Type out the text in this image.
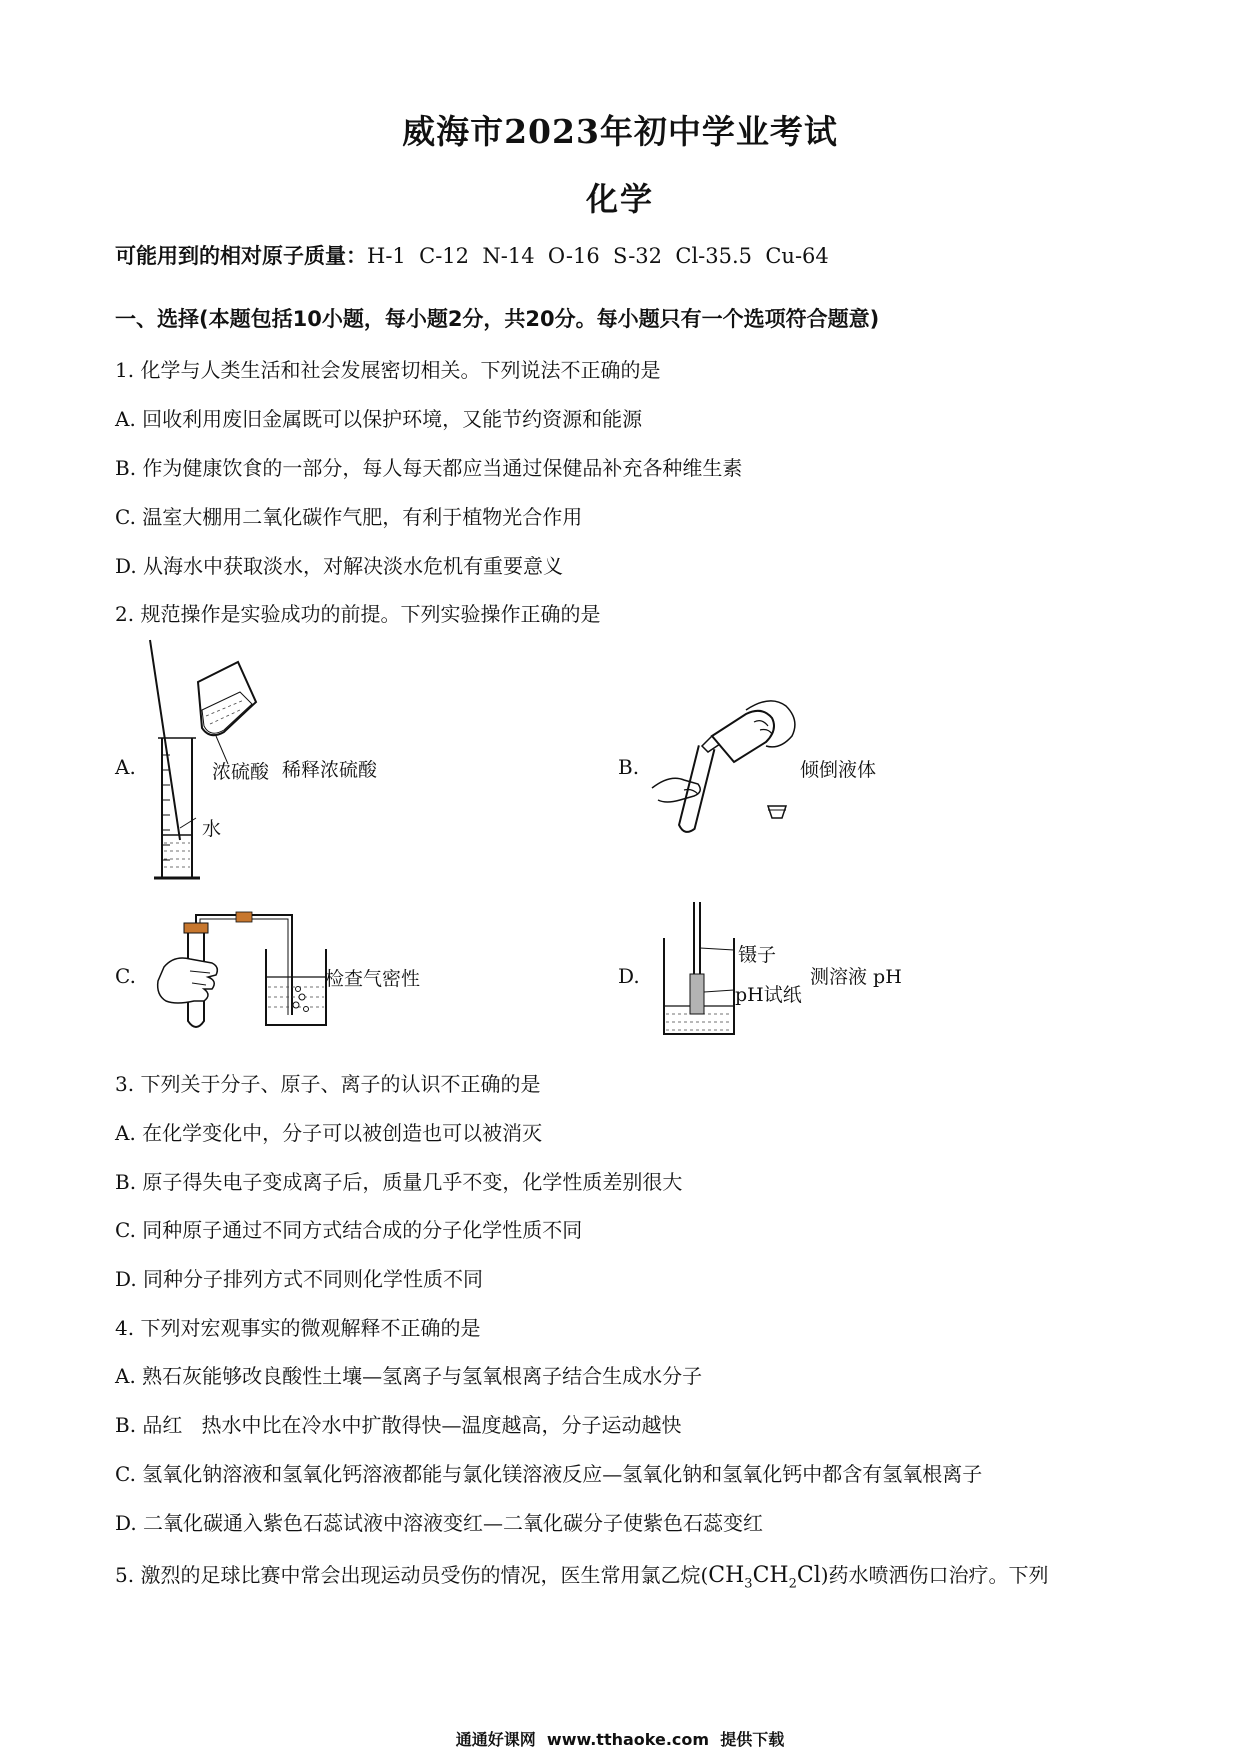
威海市2023年初中学业考试
化学
可能用到的相对原子质量：H-1  C-12  N-14  O-16  S-32  Cl-35.5  Cu-64
一、选择(本题包括10小题，每小题2分，共20分。每小题只有一个选项符合题意)
1. 化学与人类生活和社会发展密切相关。下列说法不正确的是
A. 回收利用废旧金属既可以保护环境，又能节约资源和能源
B. 作为健康饮食的一部分，每人每天都应当通过保健品补充各种维生素
C. 温室大棚用二氧化碳作气肥，有利于植物光合作用
D. 从海水中获取淡水，对解决淡水危机有重要意义
2. 规范操作是实验成功的前提。下列实验操作正确的是
A.	浓硫酸 稀释浓硫酸
水
B.	倾倒液体
C.	检查气密性	D.
镊子
pH试纸
测溶液 pH
3. 下列关于分子、原子、离子的认识不正确的是
A. 在化学变化中，分子可以被创造也可以被消灭
B. 原子得失电子变成离子后，质量几乎不变，化学性质差别很大
C. 同种原子通过不同方式结合成的分子化学性质不同
D. 同种分子排列方式不同则化学性质不同
4. 下列对宏观事实的微观解释不正确的是
A. 熟石灰能够改良酸性土壤—氢离子与氢氧根离子结合生成水分子
B. 品红   热水中比在冷水中扩散得快—温度越高，分子运动越快
C. 氢氧化钠溶液和氢氧化钙溶液都能与氯化镁溶液反应—氢氧化钠和氢氧化钙中都含有氢氧根离子
D. 二氧化碳通入紫色石蕊试液中溶液变红—二氧化碳分子使紫色石蕊变红
5. 激烈的足球比赛中常会出现运动员受伤的情况，医生常用氯乙烷$(CH_3CH_2Cl)$药水喷洒伤口治疗。下列
通通好课网  www.tthaoke.com  提供下载
